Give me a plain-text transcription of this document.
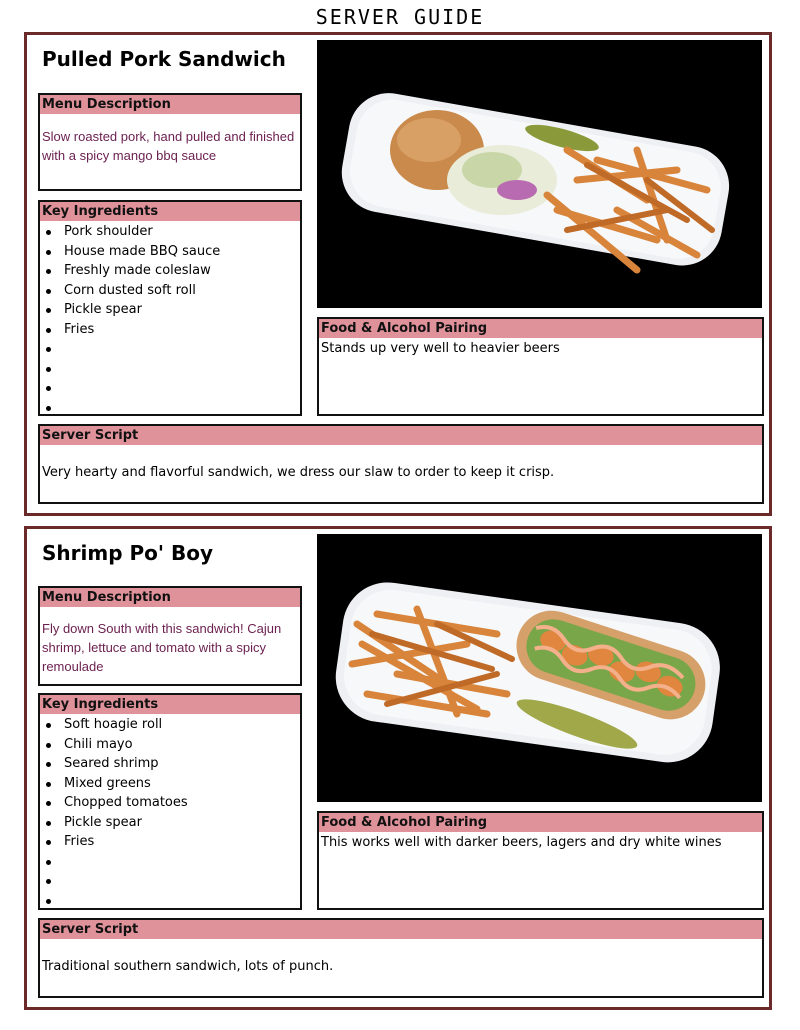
SERVER GUIDE
Pulled Pork Sandwich
Menu Description
Slow roasted pork, hand pulled and finished with a spicy mango bbq sauce
Key Ingredients
Pork shoulder
House made BBQ sauce
Freshly made coleslaw
Corn dusted soft roll
Pickle spear
Fries	Food & Alcohol Pairing
Stands up very well to heavier beers
Server Script
Very hearty and flavorful sandwich, we dress our slaw to order to keep it crisp.
Shrimp Po' Boy
Menu Description
Fly down South with this sandwich! Cajun shrimp, lettuce and tomato with a spicy remoulade
Key Ingredients
Soft hoagie roll
Chili mayo
Seared shrimp
Mixed greens
Chopped tomatoes
Pickle spear
Fries
Food & Alcohol Pairing
This works well with darker beers, lagers and dry white wines
Server Script
Traditional southern sandwich, lots of punch.
